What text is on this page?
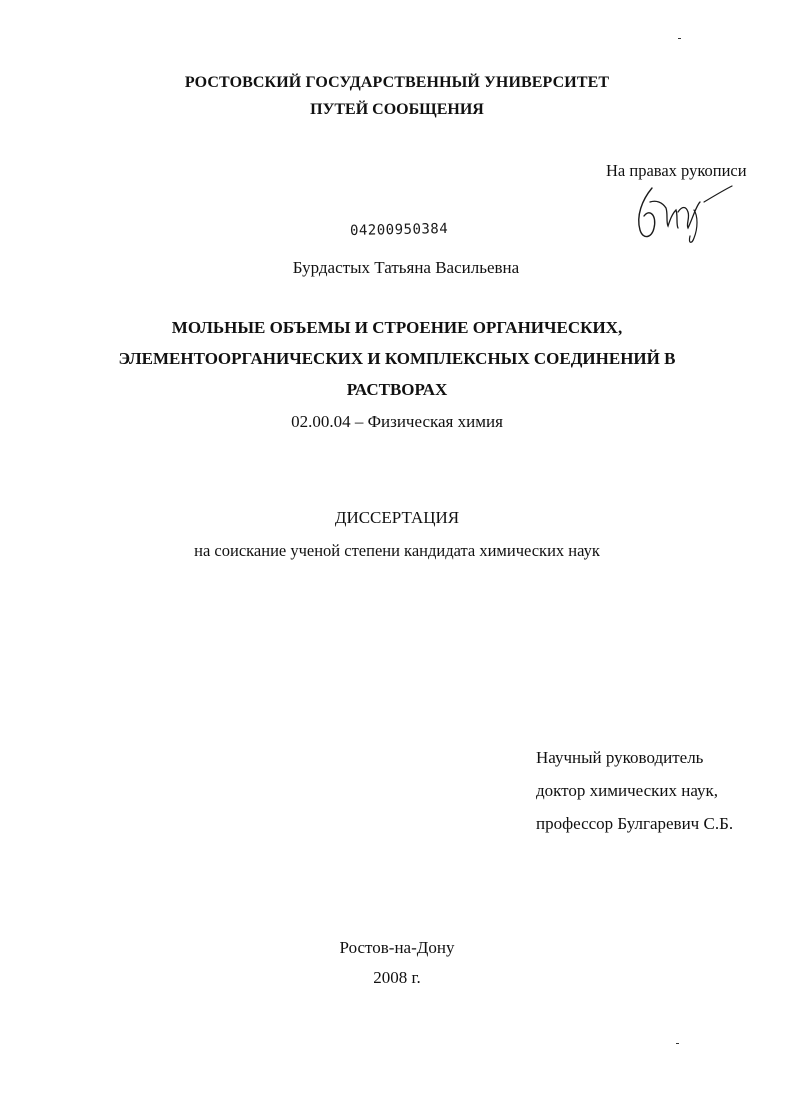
РОСТОВСКИЙ ГОСУДАРСТВЕННЫЙ УНИВЕРСИТЕТ
ПУТЕЙ СООБЩЕНИЯ
На правах рукописи
04200950384
Бурдастых Татьяна Васильевна
МОЛЬНЫЕ ОБЪЕМЫ И СТРОЕНИЕ ОРГАНИЧЕСКИХ,
ЭЛЕМЕНТООРГАНИЧЕСКИХ И КОМПЛЕКСНЫХ СОЕДИНЕНИЙ В
РАСТВОРАХ
02.00.04 – Физическая химия
ДИССЕРТАЦИЯ
на соискание ученой степени кандидата химических наук
Научный руководитель
доктор химических наук,
профессор Булгаревич С.Б.
Ростов-на-Дону
2008 г.
